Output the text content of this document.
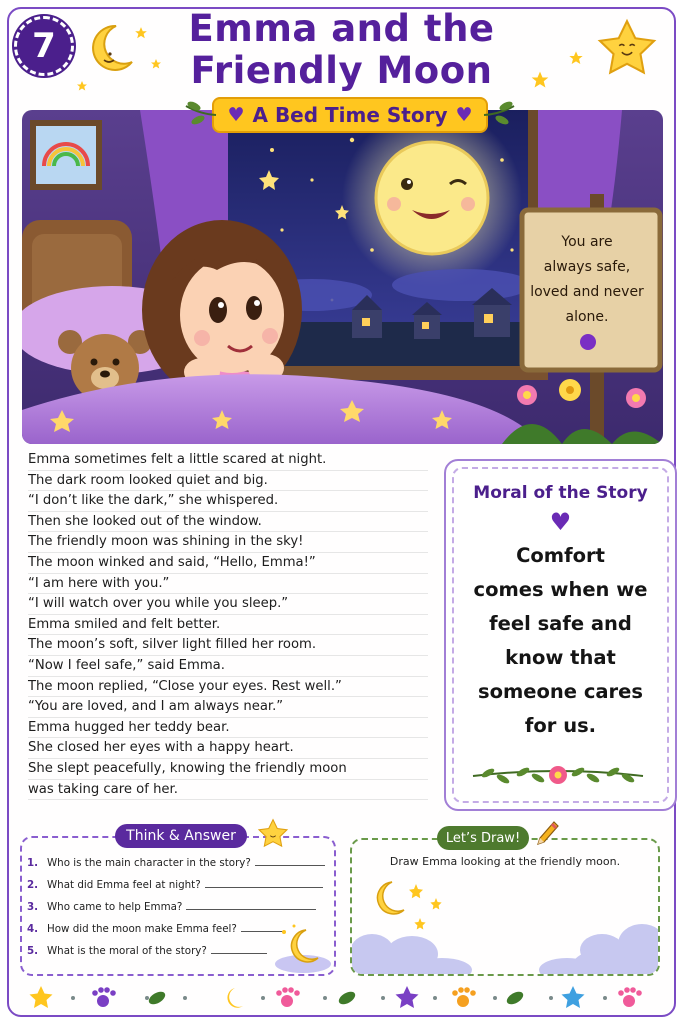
7	Emma and the
Friendly Moon
♥ A Bed Time Story ♥
You are
always safe,
loved and never
alone.
Emma sometimes felt a little scared at night.
The dark room looked quiet and big.
“I don’t like the dark,” she whispered.
Then she looked out of the window.
The friendly moon was shining in the sky!
The moon winked and said, “Hello, Emma!”
“I am here with you.”
“I will watch over you while you sleep.”
Emma smiled and felt better.
The moon’s soft, silver light filled her room.
“Now I feel safe,” said Emma.
The moon replied, “Close your eyes. Rest well.”
“You are loved, and I am always near.”
Emma hugged her teddy bear.
She closed her eyes with a happy heart.
She slept peacefully, knowing the friendly moon
was taking care of her.
Moral of the Story
♥
Comfort
comes when we
feel safe and
know that
someone cares
for us.
Think & Answer
1. Who is the main character in the story?
2. What did Emma feel at night?
3. Who came to help Emma?
4. How did the moon make Emma feel?
5. What is the moral of the story?
Let’s Draw!
Draw Emma looking at the friendly moon.
